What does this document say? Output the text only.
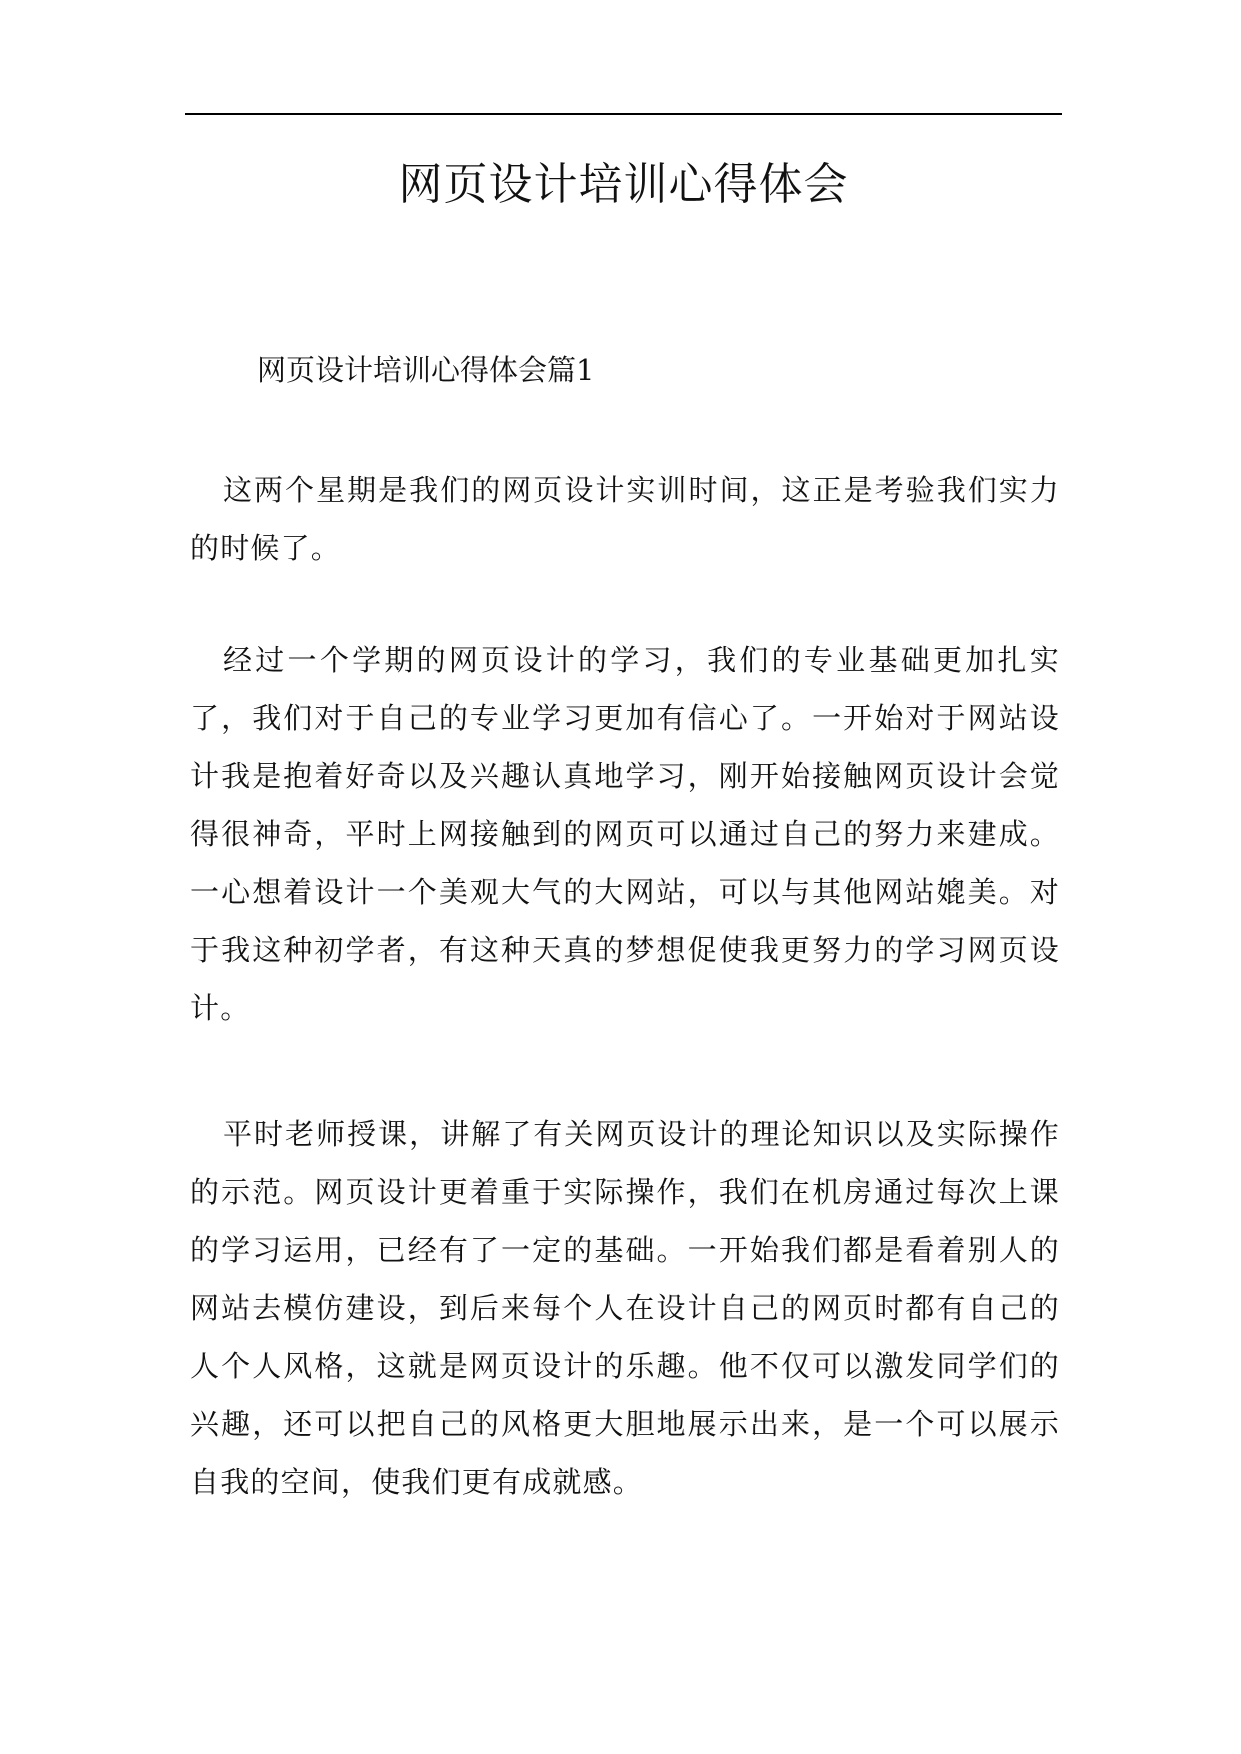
网页设计培训心得体会
网页设计培训心得体会篇1

这两个星期是我们的网页设计实训时间，这正是考验我们实力的时候了。

经过一个学期的网页设计的学习，我们的专业基础更加扎实了，我们对于自己的专业学习更加有信心了。一开始对于网站设计我是抱着好奇以及兴趣认真地学习，刚开始接触网页设计会觉得很神奇，平时上网接触到的网页可以通过自己的努力来建成。一心想着设计一个美观大气的大网站，可以与其他网站媲美。对于我这种初学者，有这种天真的梦想促使我更努力的学习网页设计。

平时老师授课，讲解了有关网页设计的理论知识以及实际操作的示范。网页设计更着重于实际操作，我们在机房通过每次上课的学习运用，已经有了一定的基础。一开始我们都是看着别人的网站去模仿建设，到后来每个人在设计自己的网页时都有自己的人个人风格，这就是网页设计的乐趣。他不仅可以激发同学们的兴趣，还可以把自己的风格更大胆地展示出来，是一个可以展示自我的空间，使我们更有成就感。
